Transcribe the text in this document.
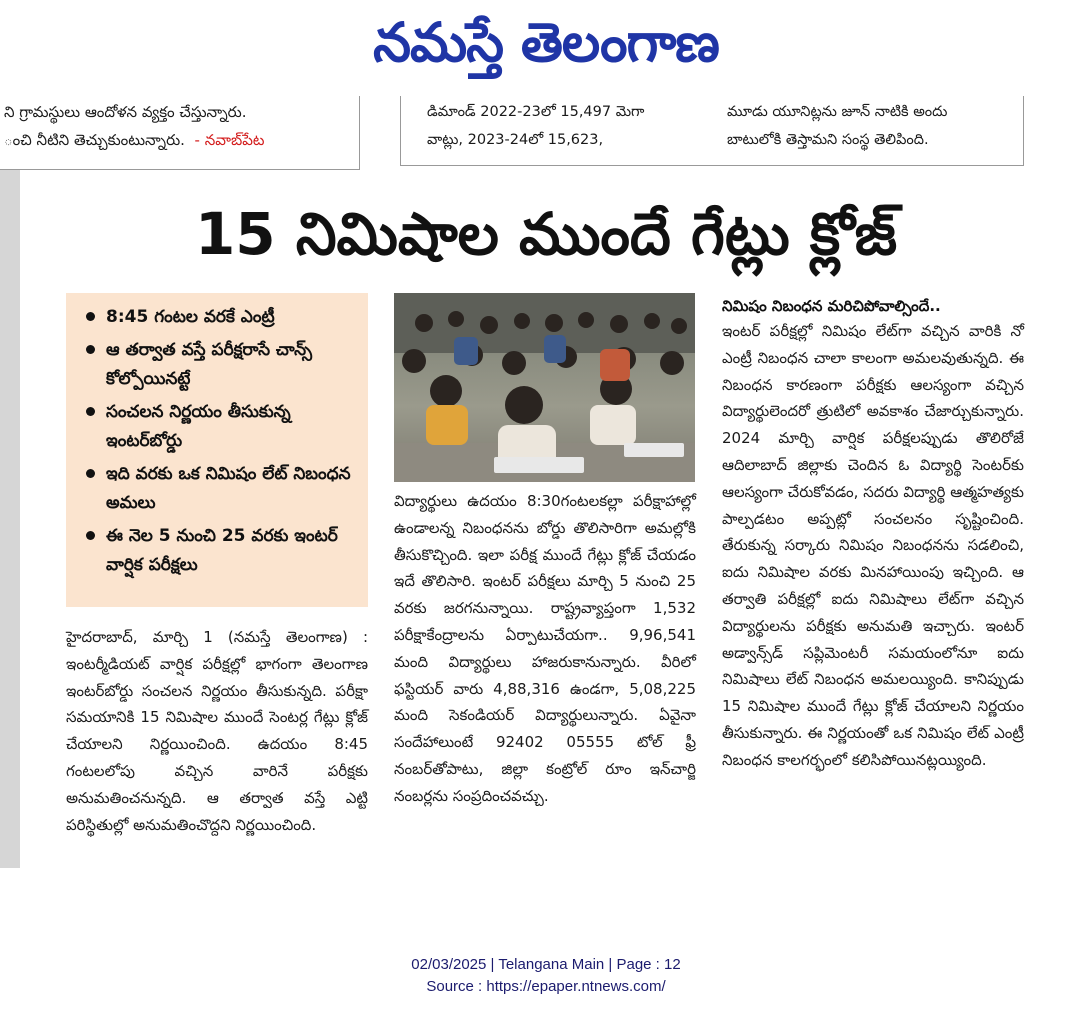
నమస్తే తెలంగాణ
ని గ్రామస్థులు ఆందోళన వ్యక్తం చేస్తున్నారు.
ంచి నీటిని తెచ్చుకుంటున్నారు. - నవాబ్‌పేట
డిమాండ్ 2022-23లో 15,497 మెగా
వాట్లు, 2023-24లో 15,623,
మూడు యూనిట్లను జూన్ నాటికి అందు
బాటులోకి తెస్తామని సంస్థ తెలిపింది.
15 నిమిషాల ముందే గేట్లు క్లోజ్
8:45 గంటల వరకే ఎంట్రీ
ఆ తర్వాత వస్తే పరీక్షరాసే చాన్స్ కోల్పోయినట్టే
సంచలన నిర్ణయం తీసుకున్న ఇంటర్‌బోర్డు
ఇది వరకు ఒక నిమిషం లేట్ నిబంధన అమలు
ఈ నెల 5 నుంచి 25 వరకు ఇంటర్ వార్షిక పరీక్షలు
హైదరాబాద్, మార్చి 1 (నమస్తే తెలంగాణ) : ఇంటర్మీడియట్ వార్షిక పరీక్షల్లో భాగంగా తెలంగాణ ఇంటర్‌బోర్డు సంచలన నిర్ణయం తీసుకున్నది. పరీక్షా సమయానికి 15 నిమిషాల ముందే సెంటర్ల గేట్లు క్లోజ్ చేయాలని నిర్ణయించింది. ఉదయం 8:45 గంటలలోపు వచ్చిన వారినే పరీక్షకు అనుమతించనున్నది. ఆ తర్వాత వస్తే ఎట్టి పరిస్థితుల్లో అనుమతించొద్దని నిర్ణయించింది.
విద్యార్థులు ఉదయం 8:30గంటలకల్లా పరీక్షాహాల్లో ఉండాలన్న నిబంధనను బోర్డు తొలిసారిగా అమల్లోకి తీసుకొచ్చింది. ఇలా పరీక్ష ముందే గేట్లు క్లోజ్ చేయడం ఇదే తొలిసారి. ఇంటర్ పరీక్షలు మార్చి 5 నుంచి 25 వరకు జరగనున్నాయి. రాష్ట్రవ్యాప్తంగా 1,532 పరీక్షాకేంద్రాలను ఏర్పాటుచేయగా.. 9,96,541 మంది విద్యార్థులు హాజరుకానున్నారు. వీరిలో ఫస్టియర్ వారు 4,88,316 ఉండగా, 5,08,225 మంది సెకండియర్ విద్యార్థులున్నారు. ఏవైనా సందేహాలుంటే 92402 05555 టోల్ ఫ్రీ నంబర్‌తోపాటు, జిల్లా కంట్రోల్ రూం ఇన్‌చార్జి నంబర్లను సంప్రదించవచ్చు.
నిమిషం నిబంధన మరిచిపోవాల్సిందే..
ఇంటర్ పరీక్షల్లో నిమిషం లేట్‌గా వచ్చిన వారికి నో ఎంట్రీ నిబంధన చాలా కాలంగా అమలవుతున్నది. ఈ నిబంధన కారణంగా పరీక్షకు ఆలస్యంగా వచ్చిన విద్యార్థులెందరో త్రుటిలో అవకాశం చేజార్చుకున్నారు. 2024 మార్చి వార్షిక పరీక్షలప్పుడు తొలిరోజే ఆదిలాబాద్ జిల్లాకు చెందిన ఓ విద్యార్థి సెంటర్‌కు ఆలస్యంగా చేరుకోవడం, సదరు విద్యార్థి ఆత్మహత్యకు పాల్పడటం అప్పట్లో సంచలనం సృష్టించింది. తేరుకున్న సర్కారు నిమిషం నిబంధనను సడలించి, ఐదు నిమిషాల వరకు మినహాయింపు ఇచ్చింది. ఆ తర్వాతి పరీక్షల్లో ఐదు నిమిషాలు లేట్‌గా వచ్చిన విద్యార్థులను పరీక్షకు అనుమతి ఇచ్చారు. ఇంటర్ అడ్వాన్స్‌డ్ సప్లిమెంటరీ సమయంలోనూ ఐదు నిమిషాలు లేట్ నిబంధన అమలయ్యింది. కానిప్పుడు 15 నిమిషాల ముందే గేట్లు క్లోజ్ చేయాలని నిర్ణయం తీసుకున్నారు. ఈ నిర్ణయంతో ఒక నిమిషం లేట్ ఎంట్రీ నిబంధన కాలగర్భంలో కలిసిపోయినట్లయ్యింది.
02/03/2025 | Telangana Main | Page : 12
Source : https://epaper.ntnews.com/
